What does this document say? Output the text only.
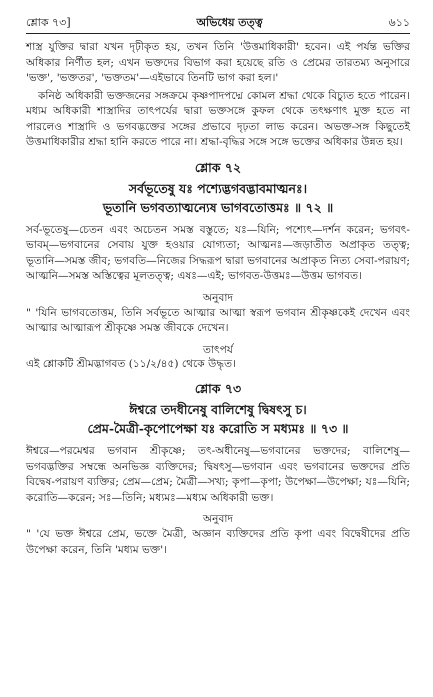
শ্লোক ৭৩]	অভিধেয় তত্ত্ব	৬১১

শাস্ত্র যুক্তির দ্বারা যখন দৃঢ়ীকৃত হয়, তখন তিনি 'উত্তমাধিকারী' হবেন। এই পর্যন্ত ভক্তির অধিকার নির্ণীত হল; এখন ভক্তদের বিভাগ করা হয়েছে রতি ও প্রেমের তারতম্য অনুসারে 'ভক্ত', 'ভক্ততর', 'ভক্ততম'—এইভাবে তিনটি ভাগ করা হল।'

কনিষ্ঠ অধিকারী ভক্তজনের সঙ্গক্রমে কৃষ্ণপাদপদ্মে কোমল শ্রদ্ধা থেকে বিচ্যুত হতে পারেন। মধ্যম অধিকারী শাস্ত্রাদির তাৎপর্যের দ্বারা ভক্তসঙ্গে কুফল থেকে তৎক্ষণাৎ মুক্ত হতে না পারলেও শাস্ত্রাদি ও ভগবদ্ভক্তের সঙ্গের প্রভাবে দৃঢ়তা লাভ করেন। অভক্ত-সঙ্গ কিছুতেই উত্তমাধিকারীর শ্রদ্ধা হানি করতে পারে না। শ্রদ্ধা-বৃদ্ধির সঙ্গে সঙ্গে ভক্তের অধিকার উন্নত হয়।

শ্লোক ৭২
সর্বভূতেষু যঃ পশ্যেদ্ভগবদ্ভাবমাত্মনঃ।
ভূতানি ভগবত্যাত্মন্যেষ ভাগবতোত্তমঃ ॥ ৭২ ॥

সর্ব-ভূতেষু—চেতন এবং অচেতন সমস্ত বস্তুতে; যঃ—যিনি; পশ্যেৎ—দর্শন করেন; ভগবৎ-ভাবম্—ভগবানের সেবায় যুক্ত হওয়ার যোগ্যতা; আত্মনঃ—জড়াতীত অপ্রাকৃত তত্ত্ব; ভূতানি—সমস্ত জীব; ভগবতি—নিজের সিদ্ধরূপ দ্বারা ভগবানের অপ্রাকৃত নিত্য সেবা-পরায়ণ; আত্মনি—সমস্ত অস্তিত্বের মূলতত্ত্ব; এষঃ—এই; ভাগবত-উত্তমঃ—উত্তম ভাগবত।

অনুবাদ

" 'যিনি ভাগবতোত্তম, তিনি সর্বভূতে আত্মার আত্মা স্বরূপ ভগবান শ্রীকৃষ্ণকেই দেখেন এবং আত্মার আত্মারূপ শ্রীকৃষ্ণে সমস্ত জীবকে দেখেন।

তাৎপর্য

এই শ্লোকটি শ্রীমদ্ভাগবত (১১/২/৪৫) থেকে উদ্ধৃত।

শ্লোক ৭৩
ঈশ্বরে তদধীনেষু বালিশেষু দ্বিষৎসু চ।
প্রেম-মৈত্রী-কৃপোপেক্ষা যঃ করোতি স মধ্যমঃ ॥ ৭৩ ॥

ঈশ্বরে—পরমেশ্বর ভগবান শ্রীকৃষ্ণে; তৎ-অধীনেষু—ভগবানের ভক্তদের; বালিশেষু—ভগবদ্ভক্তির সম্বন্ধে অনভিজ্ঞ ব্যক্তিদের; দ্বিষৎসু—ভগবান এবং ভগবানের ভক্তদের প্রতি বিদ্বেষ-পরায়ণ ব্যক্তির; প্রেম—প্রেম; মৈত্রী—সখ্য; কৃপা—কৃপা; উপেক্ষা—উপেক্ষা; যঃ—যিনি; করোতি—করেন; সঃ—তিনি; মধ্যমঃ—মধ্যম অধিকারী ভক্ত।

অনুবাদ

" 'যে ভক্ত ঈশ্বরে প্রেম, ভক্তে মৈত্রী, অজ্ঞান ব্যক্তিদের প্রতি কৃপা এবং বিদ্বেষীদের প্রতি উপেক্ষা করেন, তিনি 'মধ্যম ভক্ত'।
